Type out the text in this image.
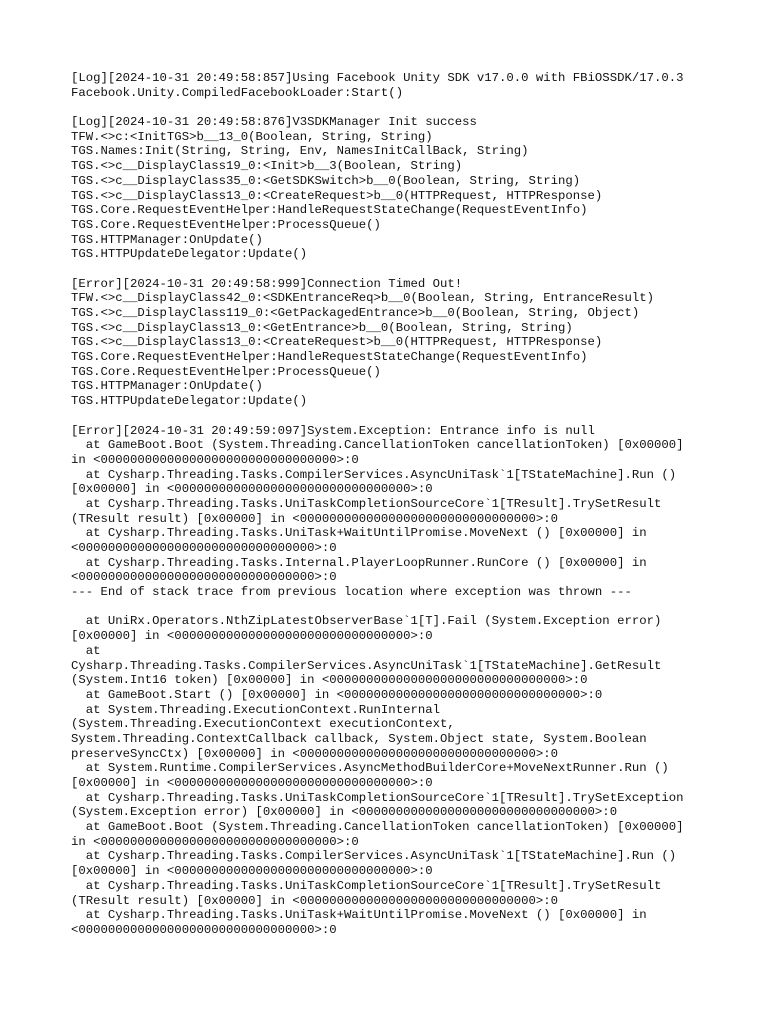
[Log][2024-10-31 20:49:58:857]Using Facebook Unity SDK v17.0.0 with FBiOSSDK/17.0.3
Facebook.Unity.CompiledFacebookLoader:Start()
[Log][2024-10-31 20:49:58:876]V3SDKManager Init success
TFW.<>c:<InitTGS>b__13_0(Boolean, String, String)
TGS.Names:Init(String, String, Env, NamesInitCallBack, String)
TGS.<>c__DisplayClass19_0:<Init>b__3(Boolean, String)
TGS.<>c__DisplayClass35_0:<GetSDKSwitch>b__0(Boolean, String, String)
TGS.<>c__DisplayClass13_0:<CreateRequest>b__0(HTTPRequest, HTTPResponse)
TGS.Core.RequestEventHelper:HandleRequestStateChange(RequestEventInfo)
TGS.Core.RequestEventHelper:ProcessQueue()
TGS.HTTPManager:OnUpdate()
TGS.HTTPUpdateDelegator:Update()
[Error][2024-10-31 20:49:58:999]Connection Timed Out!
TFW.<>c__DisplayClass42_0:<SDKEntranceReq>b__0(Boolean, String, EntranceResult)
TGS.<>c__DisplayClass119_0:<GetPackagedEntrance>b__0(Boolean, String, Object)
TGS.<>c__DisplayClass13_0:<GetEntrance>b__0(Boolean, String, String)
TGS.<>c__DisplayClass13_0:<CreateRequest>b__0(HTTPRequest, HTTPResponse)
TGS.Core.RequestEventHelper:HandleRequestStateChange(RequestEventInfo)
TGS.Core.RequestEventHelper:ProcessQueue()
TGS.HTTPManager:OnUpdate()
TGS.HTTPUpdateDelegator:Update()
[Error][2024-10-31 20:49:59:097]System.Exception: Entrance info is null
at GameBoot.Boot (System.Threading.CancellationToken cancellationToken) [0x00000]
in <00000000000000000000000000000000>:0
at Cysharp.Threading.Tasks.CompilerServices.AsyncUniTask`1[TStateMachine].Run ()
[0x00000] in <00000000000000000000000000000000>:0
at Cysharp.Threading.Tasks.UniTaskCompletionSourceCore`1[TResult].TrySetResult
(TResult result) [0x00000] in <00000000000000000000000000000000>:0
at Cysharp.Threading.Tasks.UniTask+WaitUntilPromise.MoveNext () [0x00000] in
<00000000000000000000000000000000>:0
at Cysharp.Threading.Tasks.Internal.PlayerLoopRunner.RunCore () [0x00000] in
<00000000000000000000000000000000>:0
--- End of stack trace from previous location where exception was thrown ---
at UniRx.Operators.NthZipLatestObserverBase`1[T].Fail (System.Exception error)
[0x00000] in <00000000000000000000000000000000>:0
at
Cysharp.Threading.Tasks.CompilerServices.AsyncUniTask`1[TStateMachine].GetResult
(System.Int16 token) [0x00000] in <00000000000000000000000000000000>:0
at GameBoot.Start () [0x00000] in <00000000000000000000000000000000>:0
at System.Threading.ExecutionContext.RunInternal
(System.Threading.ExecutionContext executionContext,
System.Threading.ContextCallback callback, System.Object state, System.Boolean
preserveSyncCtx) [0x00000] in <00000000000000000000000000000000>:0
at System.Runtime.CompilerServices.AsyncMethodBuilderCore+MoveNextRunner.Run ()
[0x00000] in <00000000000000000000000000000000>:0
at Cysharp.Threading.Tasks.UniTaskCompletionSourceCore`1[TResult].TrySetException
(System.Exception error) [0x00000] in <00000000000000000000000000000000>:0
at GameBoot.Boot (System.Threading.CancellationToken cancellationToken) [0x00000]
in <00000000000000000000000000000000>:0
at Cysharp.Threading.Tasks.CompilerServices.AsyncUniTask`1[TStateMachine].Run ()
[0x00000] in <00000000000000000000000000000000>:0
at Cysharp.Threading.Tasks.UniTaskCompletionSourceCore`1[TResult].TrySetResult
(TResult result) [0x00000] in <00000000000000000000000000000000>:0
at Cysharp.Threading.Tasks.UniTask+WaitUntilPromise.MoveNext () [0x00000] in
<00000000000000000000000000000000>:0
